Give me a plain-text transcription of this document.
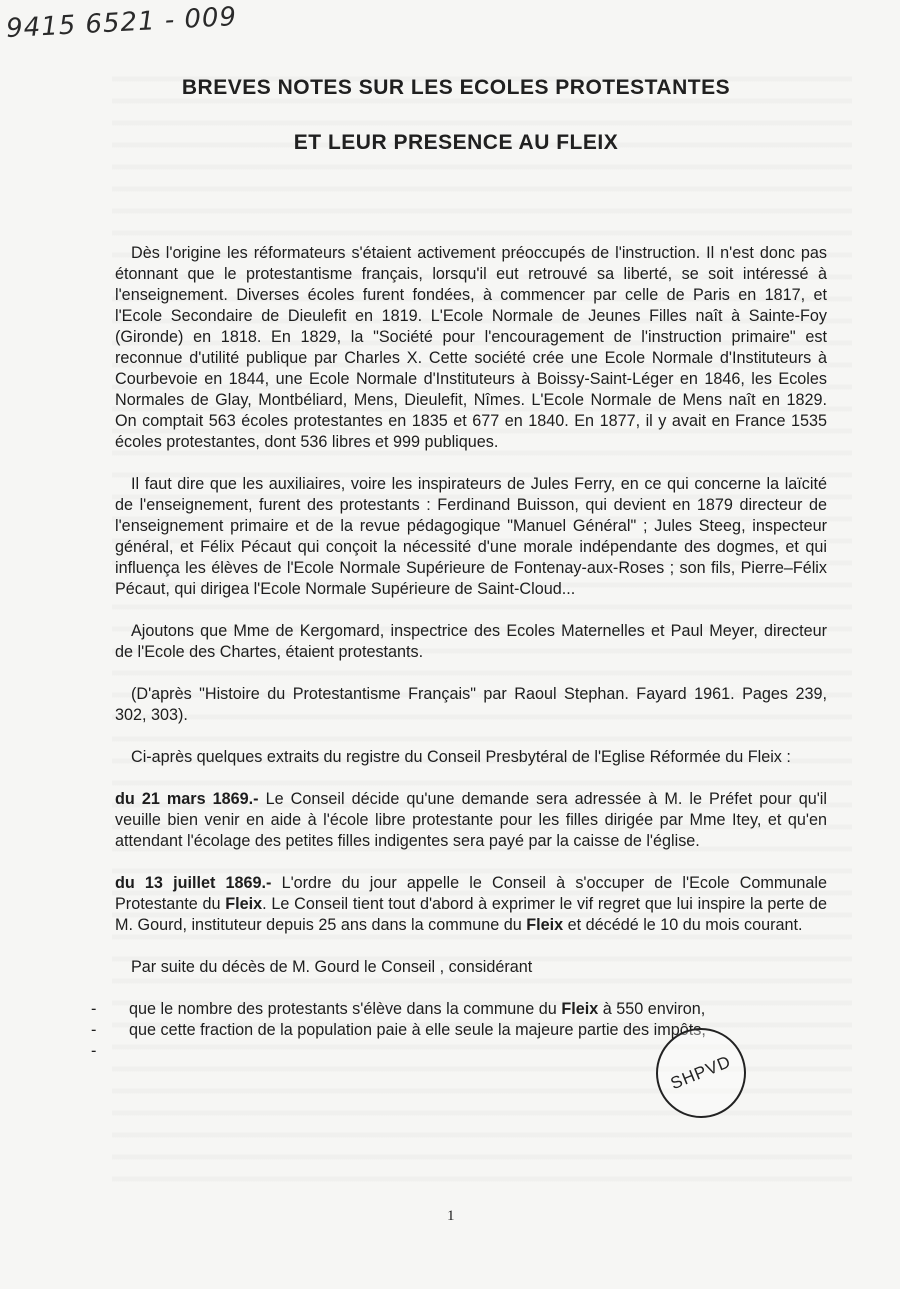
9415 6521 - 009
BREVES NOTES SUR LES ECOLES PROTESTANTES
ET LEUR PRESENCE AU FLEIX

Dès l'origine les réformateurs s'étaient activement préoccupés de l'instruction. Il n'est donc pas étonnant que le protestantisme français, lorsqu'il eut retrouvé sa liberté, se soit intéressé à l'enseignement. Diverses écoles furent fondées, à commencer par celle de Paris en 1817, et l'Ecole Secondaire de Dieulefit en 1819. L'Ecole Normale de Jeunes Filles naît à Sainte-Foy (Gironde) en 1818. En 1829, la "Société pour l'encouragement de l'instruction primaire" est reconnue d'utilité publique par Charles X. Cette société crée une Ecole Normale d'Instituteurs à Courbevoie en 1844, une Ecole Normale d'Instituteurs à Boissy-Saint-Léger en 1846, les Ecoles Normales de Glay, Montbéliard, Mens, Dieulefit, Nîmes. L'Ecole Normale de Mens naît en 1829. On comptait 563 écoles protestantes en 1835 et 677 en 1840. En 1877, il y avait en France 1535 écoles protestantes, dont 536 libres et 999 publiques.

Il faut dire que les auxiliaires, voire les inspirateurs de Jules Ferry, en ce qui concerne la laïcité de l'enseignement, furent des protestants : Ferdinand Buisson, qui devient en 1879 directeur de l'enseignement primaire et de la revue pédagogique "Manuel Général" ; Jules Steeg, inspecteur général, et Félix Pécaut qui conçoit la nécessité d'une morale indépendante des dogmes, et qui influença les élèves de l'Ecole Normale Supérieure de Fontenay-aux-Roses ; son fils, Pierre–Félix Pécaut, qui dirigea l'Ecole Normale Supérieure de Saint-Cloud...

Ajoutons que Mme de Kergomard, inspectrice des Ecoles Maternelles et Paul Meyer, directeur de l'Ecole des Chartes, étaient protestants.

(D'après "Histoire du Protestantisme Français" par Raoul Stephan. Fayard 1961. Pages 239, 302, 303).

Ci-après quelques extraits du registre du Conseil Presbytéral de l'Eglise Réformée du Fleix :

du 21 mars 1869.- Le Conseil décide qu'une demande sera adressée à M. le Préfet pour qu'il veuille bien venir en aide à l'école libre protestante pour les filles dirigée par Mme Itey, et qu'en attendant l'écolage des petites filles indigentes sera payé par la caisse de l'église.

du 13 juillet 1869.- L'ordre du jour appelle le Conseil à s'occuper de l'Ecole Communale Protestante du Fleix. Le Conseil tient tout d'abord à exprimer le vif regret que lui inspire la perte de M. Gourd, instituteur depuis 25 ans dans la commune du Fleix et décédé le 10 du mois courant.

Par suite du décès de M. Gourd le Conseil , considérant

- que le nombre des protestants s'élève dans la commune du Fleix à 550 environ,
- que cette fraction de la population paie à elle seule la majeure partie des impôts,
-
SHPVD
1
